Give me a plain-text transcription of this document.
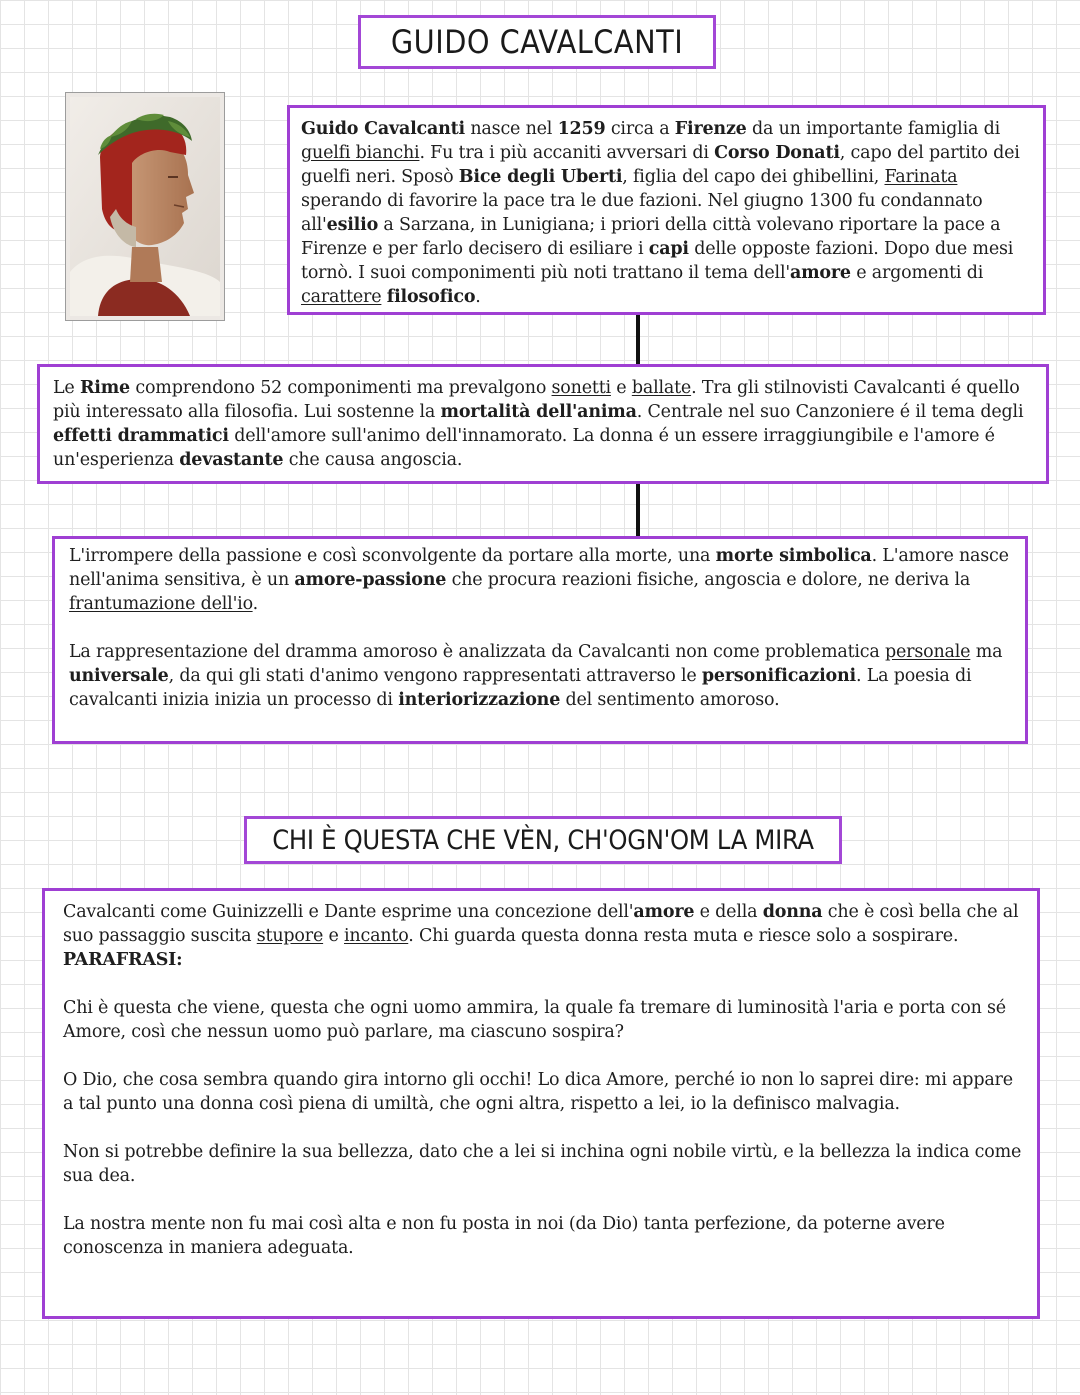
GUIDO CAVALCANTI

Guido Cavalcanti nasce nel 1259 circa a Firenze da un importante famiglia di guelfi bianchi. Fu tra i più accaniti avversari di Corso Donati, capo del partito dei guelfi neri. Sposò Bice degli Uberti, figlia del capo dei ghibellini, Farinata sperando di favorire la pace tra le due fazioni. Nel giugno 1300 fu condannato all'esilio a Sarzana, in Lunigiana; i priori della città volevano riportare la pace a Firenze e per farlo decisero di esiliare i capi delle opposte fazioni. Dopo due mesi tornò. I suoi componimenti più noti trattano il tema dell'amore e argomenti di carattere filosofico.

Le Rime comprendono 52 componimenti ma prevalgono sonetti e ballate. Tra gli stilnovisti Cavalcanti é quello più interessato alla filosofia. Lui sostenne la mortalità dell'anima. Centrale nel suo Canzoniere é il tema degli effetti drammatici dell'amore sull'animo dell'innamorato. La donna é un essere irraggiungibile e l'amore é un'esperienza devastante che causa angoscia.

L'irrompere della passione e così sconvolgente da portare alla morte, una morte simbolica. L'amore nasce nell'anima sensitiva, è un amore-passione che procura reazioni fisiche, angoscia e dolore, ne deriva la frantumazione dell'io.

La rappresentazione del dramma amoroso è analizzata da Cavalcanti non come problematica personale ma universale, da qui gli stati d'animo vengono rappresentati attraverso le personificazioni. La poesia di cavalcanti inizia inizia un processo di interiorizzazione del sentimento amoroso.

CHI È QUESTA CHE VÈN, CH'OGN'OM LA MIRA

Cavalcanti come Guinizzelli e Dante esprime una concezione dell'amore e della donna che è così bella che al suo passaggio suscita stupore e incanto. Chi guarda questa donna resta muta e riesce solo a sospirare.

PARAFRASI:

Chi è questa che viene, questa che ogni uomo ammira, la quale fa tremare di luminosità l'aria e porta con sé Amore, così che nessun uomo può parlare, ma ciascuno sospira?

O Dio, che cosa sembra quando gira intorno gli occhi! Lo dica Amore, perché io non lo saprei dire: mi appare a tal punto una donna così piena di umiltà, che ogni altra, rispetto a lei, io la definisco malvagia.

Non si potrebbe definire la sua bellezza, dato che a lei si inchina ogni nobile virtù, e la bellezza la indica come sua dea.

La nostra mente non fu mai così alta e non fu posta in noi (da Dio) tanta perfezione, da poterne avere conoscenza in maniera adeguata.
